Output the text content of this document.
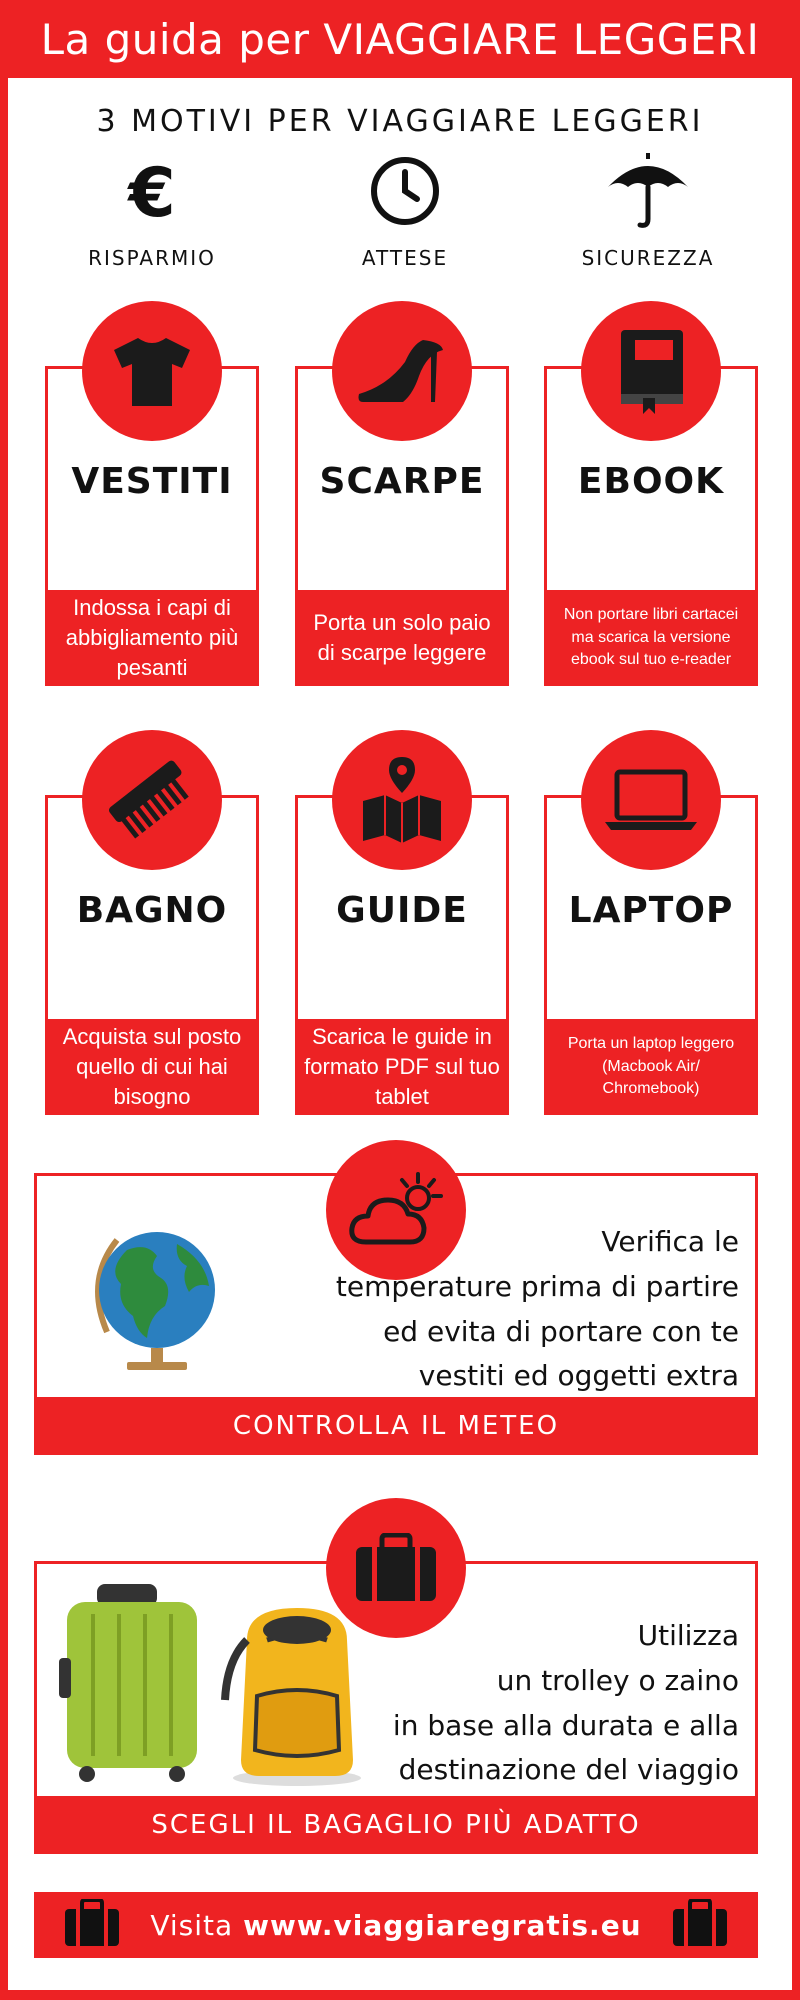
La guida per VIAGGIARE LEGGERI
3 MOTIVI PER VIAGGIARE LEGGERI
€
RISPARMIO	ATTESE	SICUREZZA
VESTITI
Indossa i capi di abbigliamento più pesanti
SCARPE
Porta un solo paio di scarpe leggere
EBOOK
Non portare libri cartacei ma scarica la versione ebook sul tuo e-reader
BAGNO
Acquista sul posto quello di cui hai bisogno
GUIDE
Scarica le guide in formato PDF sul tuo tablet
LAPTOP
Porta un laptop leggero (Macbook Air/ Chromebook)
Verifica le
temperature prima di partire
ed evita di portare con te
vestiti ed oggetti extra
CONTROLLA IL METEO
Utilizza
un trolley o zaino
in base alla durata e alla
destinazione del viaggio
SCEGLI IL BAGAGLIO PIÙ ADATTO
Visita www.viaggiaregratis.eu
